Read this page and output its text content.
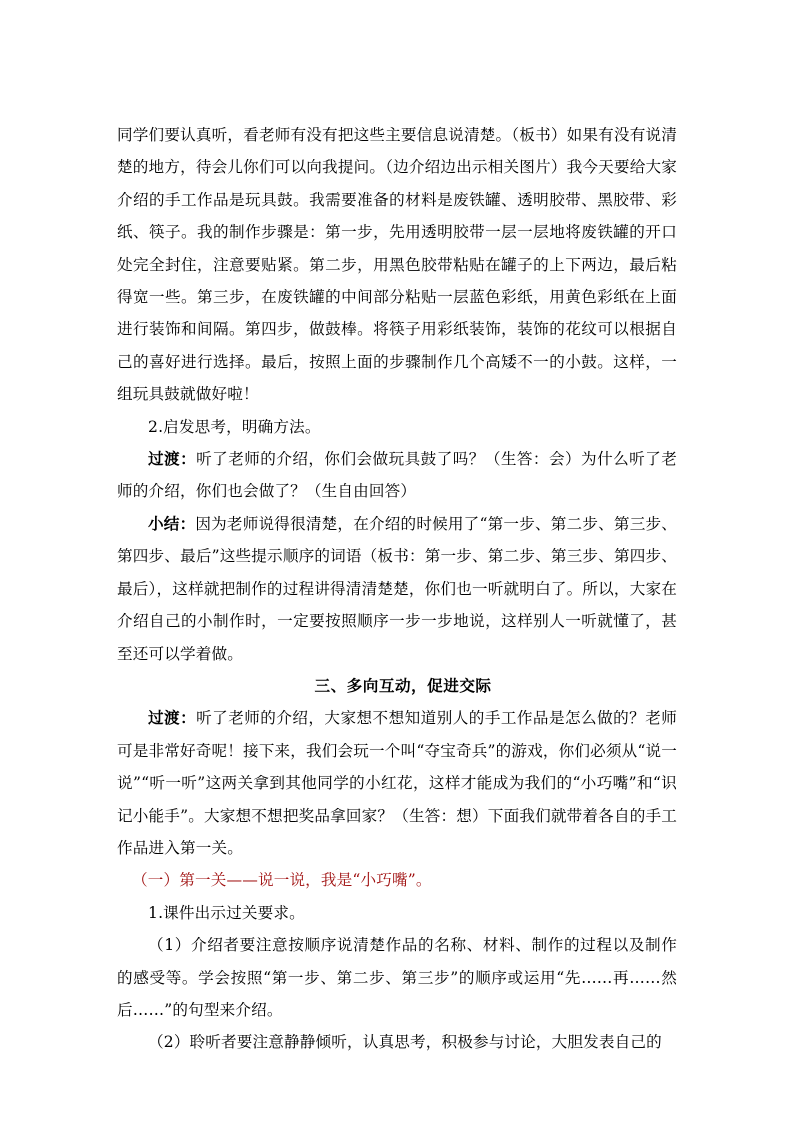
同学们要认真听，看老师有没有把这些主要信息说清楚。（板书）如果有没有说清楚的地方，待会儿你们可以向我提问。（边介绍边出示相关图片）我今天要给大家介绍的手工作品是玩具鼓。我需要准备的材料是废铁罐、透明胶带、黑胶带、彩纸、筷子。我的制作步骤是：第一步，先用透明胶带一层一层地将废铁罐的开口处完全封住，注意要贴紧。第二步，用黑色胶带粘贴在罐子的上下两边，最后粘得宽一些。第三步，在废铁罐的中间部分粘贴一层蓝色彩纸，用黄色彩纸在上面进行装饰和间隔。第四步，做鼓棒。将筷子用彩纸装饰，装饰的花纹可以根据自己的喜好进行选择。最后，按照上面的步骤制作几个高矮不一的小鼓。这样，一组玩具鼓就做好啦！

2.启发思考，明确方法。

过渡：听了老师的介绍，你们会做玩具鼓了吗？（生答：会）为什么听了老师的介绍，你们也会做了？（生自由回答）

小结：因为老师说得很清楚，在介绍的时候用了“第一步、第二步、第三步、第四步、最后”这些提示顺序的词语（板书：第一步、第二步、第三步、第四步、最后），这样就把制作的过程讲得清清楚楚，你们也一听就明白了。所以，大家在介绍自己的小制作时，一定要按照顺序一步一步地说，这样别人一听就懂了，甚至还可以学着做。

三、多向互动，促进交际

过渡：听了老师的介绍，大家想不想知道别人的手工作品是怎么做的？老师可是非常好奇呢！接下来，我们会玩一个叫“夺宝奇兵”的游戏，你们必须从“说一说”“听一听”这两关拿到其他同学的小红花，这样才能成为我们的“小巧嘴”和“识记小能手”。大家想不想把奖品拿回家？（生答：想）下面我们就带着各自的手工作品进入第一关。

（一）第一关——说一说，我是“小巧嘴”。

1.课件出示过关要求。

（1）介绍者要注意按顺序说清楚作品的名称、材料、制作的过程以及制作的感受等。学会按照“第一步、第二步、第三步”的顺序或运用“先……再……然后……”的句型来介绍。

（2）聆听者要注意静静倾听，认真思考，积极参与讨论，大胆发表自己的
